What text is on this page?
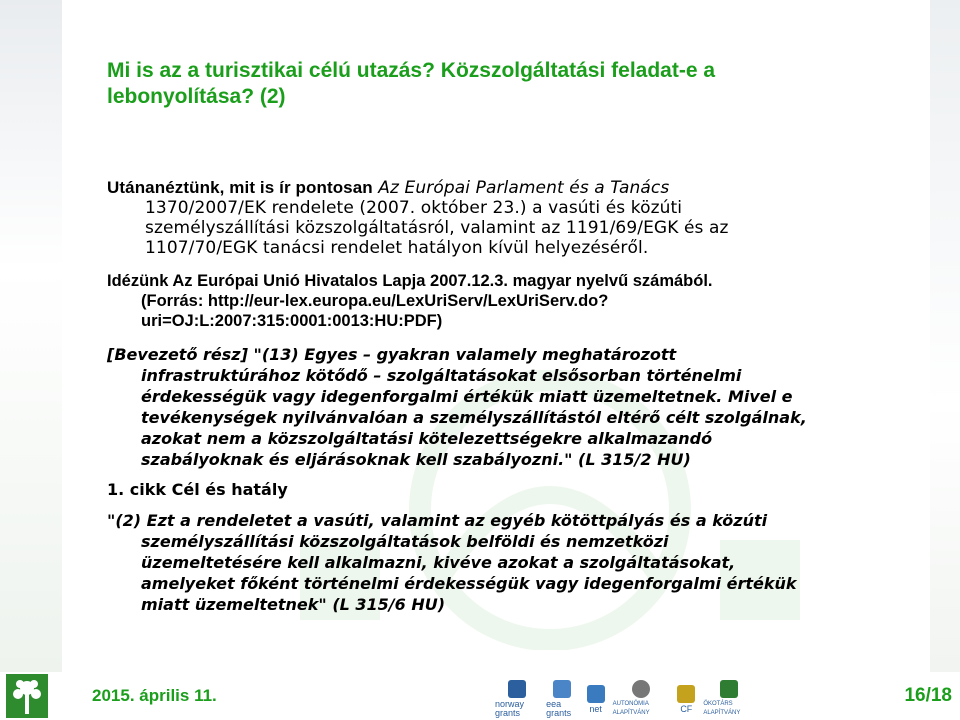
Mi is az a turisztikai célú utazás? Közszolgáltatási feladat-e a
lebonyolítása? (2)
Utánanéztünk, mit is ír pontosan Az Európai Parlament és a Tanács
1370/2007/EK rendelete (2007. október 23.) a vasúti és közúti
személyszállítási közszolgáltatásról, valamint az 1191/69/EGK és az
1107/70/EGK tanácsi rendelet hatályon kívül helyezéséről.
Idézünk Az Európai Unió Hivatalos Lapja 2007.12.3. magyar nyelvű számából.
(Forrás: http://eur-lex.europa.eu/LexUriServ/LexUriServ.do?
uri=OJ:L:2007:315:0001:0013:HU:PDF)
[Bevezető rész] "(13) Egyes – gyakran valamely meghatározott
infrastruktúrához kötődő – szolgáltatásokat elsősorban történelmi
érdekességük vagy idegenforgalmi értékük miatt üzemeltetnek. Mivel e
tevékenységek nyilvánvalóan a személyszállítástól eltérő célt szolgálnak,
azokat nem a közszolgáltatási kötelezettségekre alkalmazandó
szabályoknak és eljárásoknak kell szabályozni." (L 315/2 HU)
1. cikk Cél és hatály
"(2) Ezt a rendeletet a vasúti, valamint az egyéb kötöttpályás és a közúti
személyszállítási közszolgáltatások belföldi és nemzetközi
üzemeltetésére kell alkalmazni, kivéve azokat a szolgáltatásokat,
amelyeket főként történelmi érdekességük vagy idegenforgalmi értékük
miatt üzemeltetnek" (L 315/6 HU)
2015. április 11.	norway grants
eea grants	net AUTONÓMIA ALAPÍTVÁNY	CF ÖKOTÁRS ALAPÍTVÁNY
16/18
